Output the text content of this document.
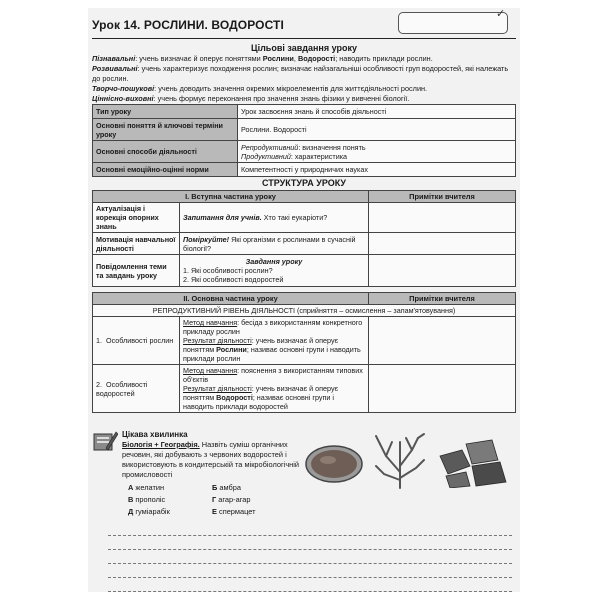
Урок 14. РОСЛИНИ. ВОДОРОСТІ
✓
Цільові завдання уроку

Пізнавальні: учень визначає й оперує поняттями Рослини, Водорості; наводить приклади рослин.

Розвивальні: учень характеризує походження рослин; визначає найзагальніші особливості груп водоростей, які належать до рослин.

Творчо-пошукові: учень доводить значення окремих мікроелементів для життєдіяльності рослин.

Ціннісно-виховні: учень формує переконання про значення знань фізики у вивченні біології.

Тип уроку	Урок засвоєння знань й способів діяльності
Основні поняття й ключові терміни уроку	Рослини. Водорості
Основні способи діяльності	Репродуктивний: визначення понять
Продуктивний: характеристика
Основні емоційно-оцінні норми	Компетентності у природничих науках
СТРУКТУРА УРОКУ
І. Вступна частина уроку		Примітки вчителя
Актуалізація і корекція опорних знань	Запитання для учнів. Хто такі еукаріоти?	
Мотивація навчальної діяльності	Поміркуйте! Які організми є рослинами в сучасній біології?	
Повідомлення теми та завдань уроку	Завдання уроку
1. Які особливості рослин?
2. Які особливості водоростей	

ІІ. Основна частина уроку		Примітки вчителя
РЕПРОДУКТИВНИЙ РІВЕНЬ ДІЯЛЬНОСТІ (сприйняття – осмислення – запам'ятовування)		
1. Особливості рослин	Метод навчання: бесіда з використанням конкретного прикладу рослин
Результат діяльності: учень визначає й оперує поняттям Рослини; називає основні групи і наводить приклади рослин	
2. Особливості водоростей	Метод навчання: пояснення з використанням типових об'єктів
Результат діяльності: учень визначає й оперує поняттям Водорості; називає основні групи і наводить приклади водоростей	
Цікава хвилинка
Біологія + Географія. Назвіть суміш органічних речовин, які добувають з червоних водоростей і використовують в кондитерській та мікробіологічній промисловості
А желатин	Б амбра
В прополіс	Г агар-агар
Д гуміарабік	Е спермацет
